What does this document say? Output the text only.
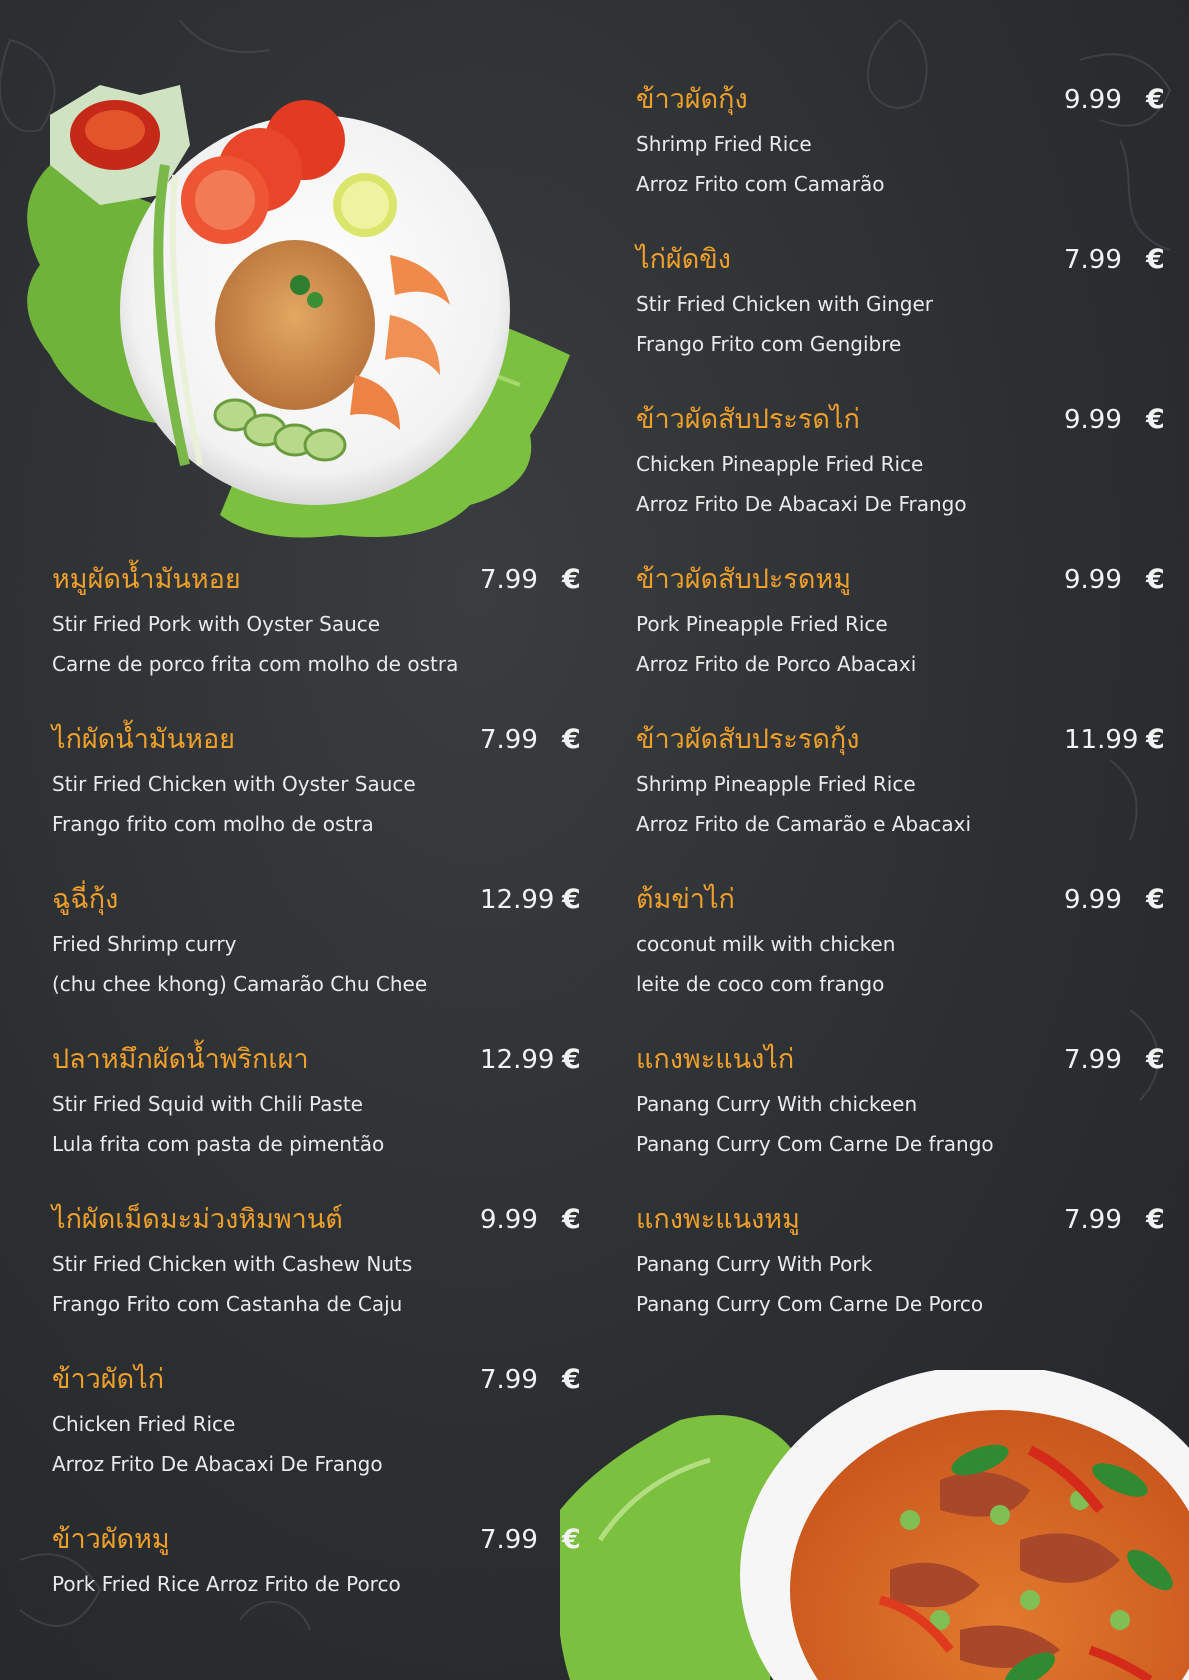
หมูผัดน้ำมันหอย
Stir Fried Pork with Oyster Sauce
Carne de porco frita com molho de ostra
7.99 €
ไก่ผัดน้ำมันหอย
Stir Fried Chicken with Oyster Sauce
Frango frito com molho de ostra
7.99 €
ฉูฉี่กุ้ง
Fried Shrimp curry
(chu chee khong) Camarão Chu Chee
12.99 €
ปลาหมึกผัดน้ำพริกเผา
Stir Fried Squid with Chili Paste
Lula frita com pasta de pimentão
12.99 €
ไก่ผัดเม็ดมะม่วงหิมพานต์
Stir Fried Chicken with Cashew Nuts
Frango Frito com Castanha de Caju
9.99 €
ข้าวผัดไก่
Chicken Fried Rice
Arroz Frito De Abacaxi De Frango
7.99 €
ข้าวผัดหมู
Pork Fried Rice Arroz Frito de Porco
7.99 €
ข้าวผัดกุ้ง
Shrimp Fried Rice
Arroz Frito com Camarão
9.99 €
ไก่ผัดขิง
Stir Fried Chicken with Ginger
Frango Frito com Gengibre
7.99 €
ข้าวผัดสับประรดไก่
Chicken Pineapple Fried Rice
Arroz Frito De Abacaxi De Frango
9.99 €
ข้าวผัดสับปะรดหมู
Pork Pineapple Fried Rice
Arroz Frito de Porco Abacaxi
9.99 €
ข้าวผัดสับประรดกุ้ง
Shrimp Pineapple Fried Rice
Arroz Frito de Camarão e Abacaxi
11.99 €
ต้มข่าไก่
coconut milk with chicken
leite de coco com frango
9.99 €
แกงพะแนงไก่
Panang Curry With chickeen
Panang Curry Com Carne De frango
7.99 €
แกงพะแนงหมู
Panang Curry With Pork
Panang Curry Com Carne De Porco
7.99 €
